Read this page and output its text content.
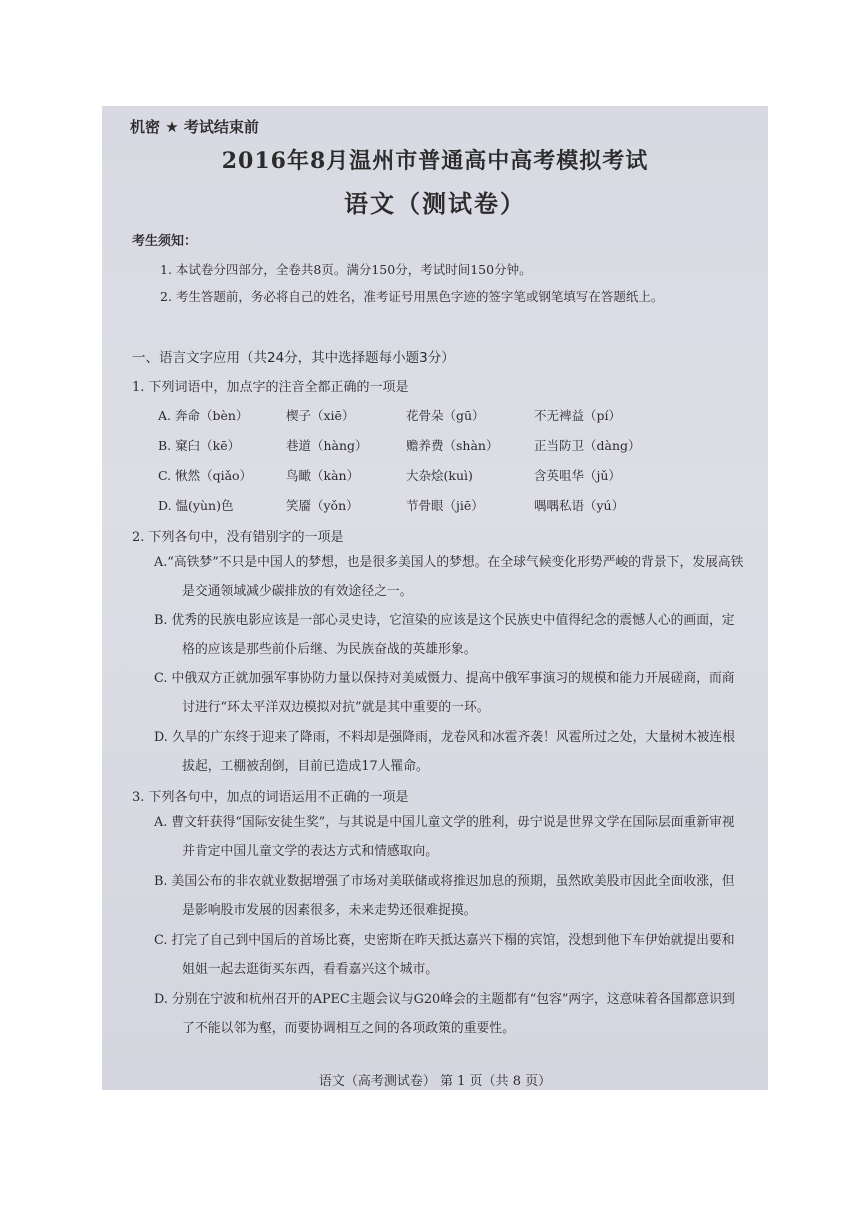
机密 ★ 考试结束前
2016年8月温州市普通高中高考模拟考试
语文（测试卷）
考生须知：
1. 本试卷分四部分，全卷共8页。满分150分，考试时间150分钟。
2. 考生答题前，务必将自己的姓名，准考证号用黑色字迹的签字笔或钢笔填写在答题纸上。
一、语言文字应用（共24分，其中选择题每小题3分）
1. 下列词语中，加点字的注音全都正确的一项是
A. 奔命（bèn）	楔子（xiē）	花骨朵（gū）	不无裨益（pí）
B. 窠臼（kē）	巷道（hàng）	赡养费（shàn）	正当防卫（dàng）
C. 愀然（qiǎo）	鸟瞰（kàn）	大杂烩(kuì)	含英咀华（jǔ）
D. 愠(yùn)色	笑靥（yǒn）	节骨眼（jiē）	喁喁私语（yú）
2. 下列各句中，没有错别字的一项是
A.“高铁梦”不只是中国人的梦想，也是很多美国人的梦想。在全球气候变化形势严峻的背景下，发展高铁是交通领域减少碳排放的有效途径之一。
B. 优秀的民族电影应该是一部心灵史诗，它渲染的应该是这个民族史中值得纪念的震憾人心的画面，定格的应该是那些前仆后继、为民族奋战的英雄形象。
C. 中俄双方正就加强军事协防力量以保持对美威慑力、提高中俄军事演习的规模和能力开展磋商，而商讨进行“环太平洋双边模拟对抗”就是其中重要的一环。
D. 久旱的广东终于迎来了降雨，不料却是强降雨，龙卷风和冰雹齐袭！风雹所过之处，大量树木被连根拔起，工棚被刮倒，目前已造成17人罹命。
3. 下列各句中，加点的词语运用不正确的一项是
A. 曹文轩获得“国际安徒生奖”，与其说是中国儿童文学的胜利，毋宁说是世界文学在国际层面重新审视并肯定中国儿童文学的表达方式和情感取向。
B. 美国公布的非农就业数据增强了市场对美联储或将推迟加息的预期，虽然欧美股市因此全面收涨，但是影响股市发展的因素很多，未来走势还很难捉摸。
C. 打完了自己到中国后的首场比赛，史密斯在昨天抵达嘉兴下榻的宾馆，没想到他下车伊始就提出要和姐姐一起去逛街买东西，看看嘉兴这个城市。
D. 分别在宁波和杭州召开的APEC主题会议与G20峰会的主题都有“包容”两字，这意味着各国都意识到了不能以邻为壑，而要协调相互之间的各项政策的重要性。
语文（高考测试卷） 第 1 页（共 8 页）
